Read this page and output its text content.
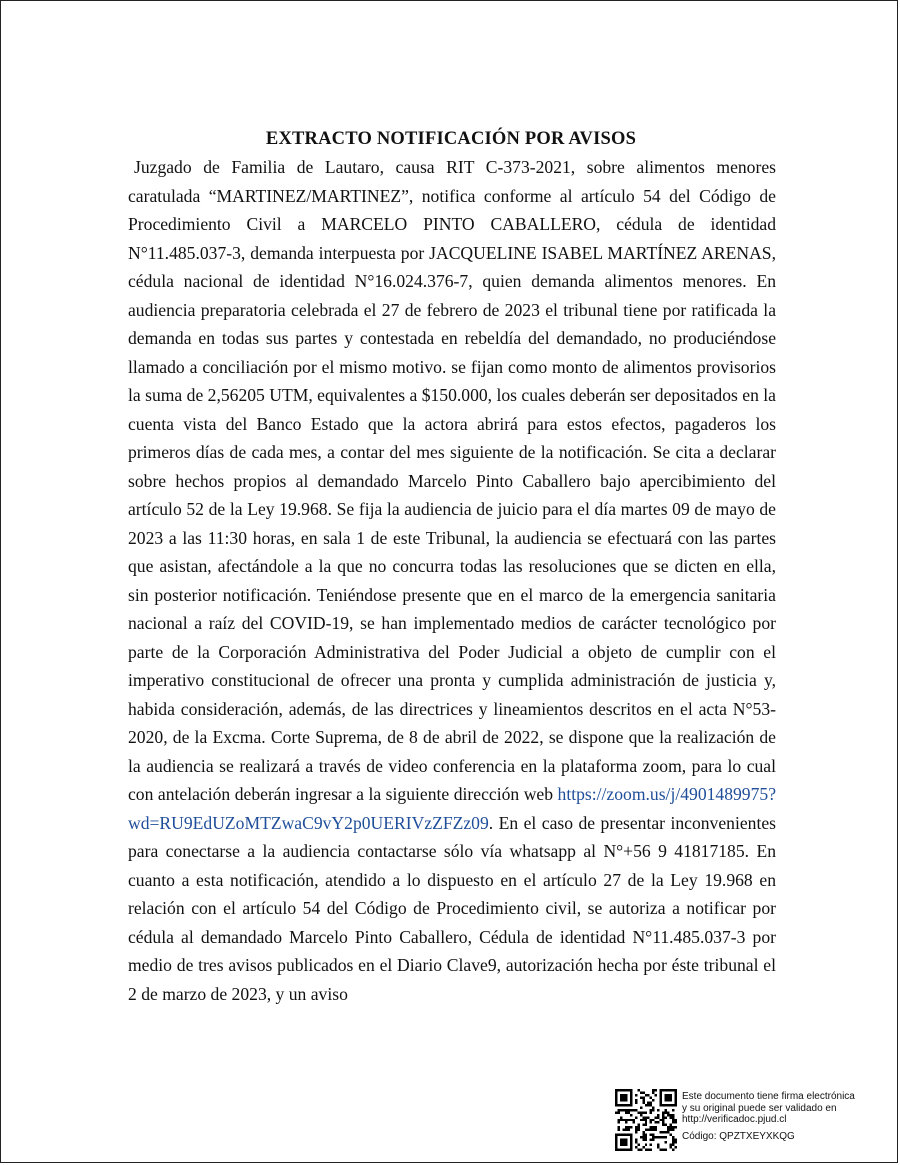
EXTRACTO NOTIFICACIÓN POR AVISOS
Juzgado de Familia de Lautaro, causa RIT C-373-2021, sobre alimentos menores caratulada “MARTINEZ/MARTINEZ”, notifica conforme al artículo 54 del Código de Procedimiento Civil a MARCELO PINTO CABALLERO, cédula de identidad N°11.485.037-3, demanda interpuesta por JACQUELINE ISABEL MARTÍNEZ ARENAS, cédula nacional de identidad N°16.024.376-7, quien demanda alimentos menores. En audiencia preparatoria celebrada el 27 de febrero de 2023 el tribunal tiene por ratificada la demanda en todas sus partes y contestada en rebeldía del demandado, no produciéndose llamado a conciliación por el mismo motivo. se fijan como monto de alimentos provisorios la suma de 2,56205 UTM, equivalentes a $150.000, los cuales deberán ser depositados en la cuenta vista del Banco Estado que la actora abrirá para estos efectos, pagaderos los primeros días de cada mes, a contar del mes siguiente de la notificación. Se cita a declarar sobre hechos propios al demandado Marcelo Pinto Caballero bajo apercibimiento del artículo 52 de la Ley 19.968. Se fija la audiencia de juicio para el día martes 09 de mayo de 2023 a las 11:30 horas, en sala 1 de este Tribunal, la audiencia se efectuará con las partes que asistan, afectándole a la que no concurra todas las resoluciones que se dicten en ella, sin posterior notificación. Teniéndose presente que en el marco de la emergencia sanitaria nacional a raíz del COVID-19, se han implementado medios de carácter tecnológico por parte de la Corporación Administrativa del Poder Judicial a objeto de cumplir con el imperativo constitucional de ofrecer una pronta y cumplida administración de justicia y, habida consideración, además, de las directrices y lineamientos descritos en el acta N°53-2020, de la Excma. Corte Suprema, de 8 de abril de 2022, se dispone que la realización de la audiencia se realizará a través de video conferencia en la plataforma zoom, para lo cual con antelación deberán ingresar a la siguiente dirección web https://zoom.us/j/4901489975?wd=RU9EdUZoMTZwaC9vY2p0UERIVzZFZz09. En el caso de presentar inconvenientes para conectarse a la audiencia contactarse sólo vía whatsapp al N°+56 9 41817185. En cuanto a esta notificación, atendido a lo dispuesto en el artículo 27 de la Ley 19.968 en relación con el artículo 54 del Código de Procedimiento civil, se autoriza a notificar por cédula al demandado Marcelo Pinto Caballero, Cédula de identidad N°11.485.037-3 por medio de tres avisos publicados en el Diario Clave9, autorización hecha por éste tribunal el 2 de marzo de 2023, y un aviso
Este documento tiene firma electrónica
y su original puede ser validado en
http://verificadoc.pjud.cl
Código: QPZTXEYXKQG
